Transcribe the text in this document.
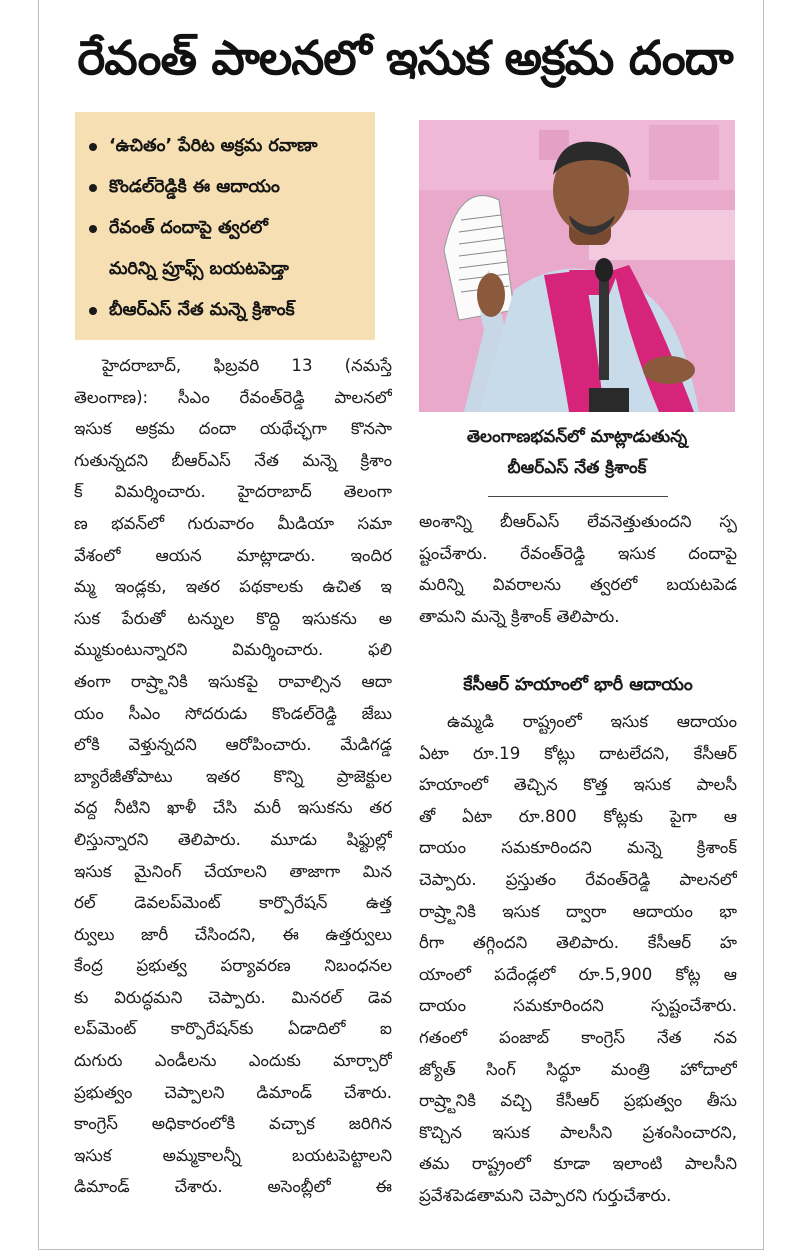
రేవంత్ పాలనలో ఇసుక అక్రమ దందా
‘ఉచితం’ పేరిట అక్రమ రవాణా
కొండల్‌రెడ్డికి ఈ ఆదాయం
రేవంత్ దందాపై త్వరలో
మరిన్ని ప్రూఫ్స్ బయటపెడ్తా
బీఆర్‌ఎస్ నేత మన్నె క్రిశాంక్
తెలంగాణభవన్‌లో మాట్లాడుతున్న
బీఆర్‌ఎస్ నేత క్రిశాంక్
హైదరాబాద్, ఫిబ్రవరి 13 (నమస్తే
తెలంగాణ): సీఎం రేవంత్‌రెడ్డి పాలనలో
ఇసుక అక్రమ దందా యథేచ్ఛగా కొనసా
గుతున్నదని బీఆర్‌ఎస్ నేత మన్నె క్రిశాం
క్ విమర్శించారు. హైదరాబాద్ తెలంగా
ణ భవన్‌లో గురువారం మీడియా సమా
వేశంలో ఆయన మాట్లాడారు. ఇందిర
మ్మ ఇండ్లకు, ఇతర పథకాలకు ఉచిత ఇ
సుక పేరుతో టన్నుల కొద్ది ఇసుకను అ
మ్ముకుంటున్నారని విమర్శించారు. ఫలి
తంగా రాష్ర్టానికి ఇసుకపై రావాల్సిన ఆదా
యం సీఎం సోదరుడు కొండల్‌రెడ్డి జేబు
లోకి వెళ్తున్నదని ఆరోపించారు. మేడిగడ్డ
బ్యారేజీతోపాటు ఇతర కొన్ని ప్రాజెక్టుల
వద్ద నీటిని ఖాళీ చేసి మరీ ఇసుకను తర
లిస్తున్నారని తెలిపారు. మూడు షిఫ్టుల్లో
ఇసుక మైనింగ్ చేయాలని తాజాగా మిన
రల్ డెవలప్‌మెంట్ కార్పొరేషన్ ఉత్త
ర్వులు జారీ చేసిందని, ఈ ఉత్తర్వులు
కేంద్ర ప్రభుత్వ పర్యావరణ నిబంధనల
కు విరుద్ధమని చెప్పారు. మినరల్ డెవ
లప్‌మెంట్ కార్పొరేషన్‌కు ఏడాదిలో ఐ
దుగురు ఎండీలను ఎందుకు మార్చారో
ప్రభుత్వం చెప్పాలని డిమాండ్ చేశారు.
కాంగ్రెస్ అధికారంలోకి వచ్చాక జరిగిన
ఇసుక అమ్మకాలన్నీ బయటపెట్టాలని
డిమాండ్ చేశారు. అసెంబ్లీలో ఈ
అంశాన్ని బీఆర్‌ఎస్ లేవనెత్తుతుందని స్ప
ష్టంచేశారు. రేవంత్‌రెడ్డి ఇసుక దందాపై
మరిన్ని వివరాలను త్వరలో బయటపెడ
తామని మన్నె క్రిశాంక్ తెలిపారు.
కేసీఆర్ హయాంలో భారీ ఆదాయం
ఉమ్మడి రాష్ట్రంలో ఇసుక ఆదాయం
ఏటా రూ.19 కోట్లు దాటలేదని, కేసీఆర్
హయాంలో తెచ్చిన కొత్త ఇసుక పాలసీ
తో ఏటా రూ.800 కోట్లకు పైగా ఆ
దాయం సమకూరిందని మన్నె క్రిశాంక్
చెప్పారు. ప్రస్తుతం రేవంత్‌రెడ్డి పాలనలో
రాష్ర్టానికి ఇసుక ద్వారా ఆదాయం భా
రీగా తగ్గిందని తెలిపారు. కేసీఆర్ హ
యాంలో పదేండ్లలో రూ.5,900 కోట్ల ఆ
దాయం సమకూరిందని స్పష్టంచేశారు.
గతంలో పంజాబ్ కాంగ్రెస్ నేత నవ
జ్యోత్ సింగ్ సిద్ధూ మంత్రి హోదాలో
రాష్ర్టానికి వచ్చి కేసీఆర్ ప్రభుత్వం తీసు
కొచ్చిన ఇసుక పాలసీని ప్రశంసించారని,
తమ రాష్ట్రంలో కూడా ఇలాంటి పాలసీని
ప్రవేశపెడతామని చెప్పారని గుర్తుచేశారు.
